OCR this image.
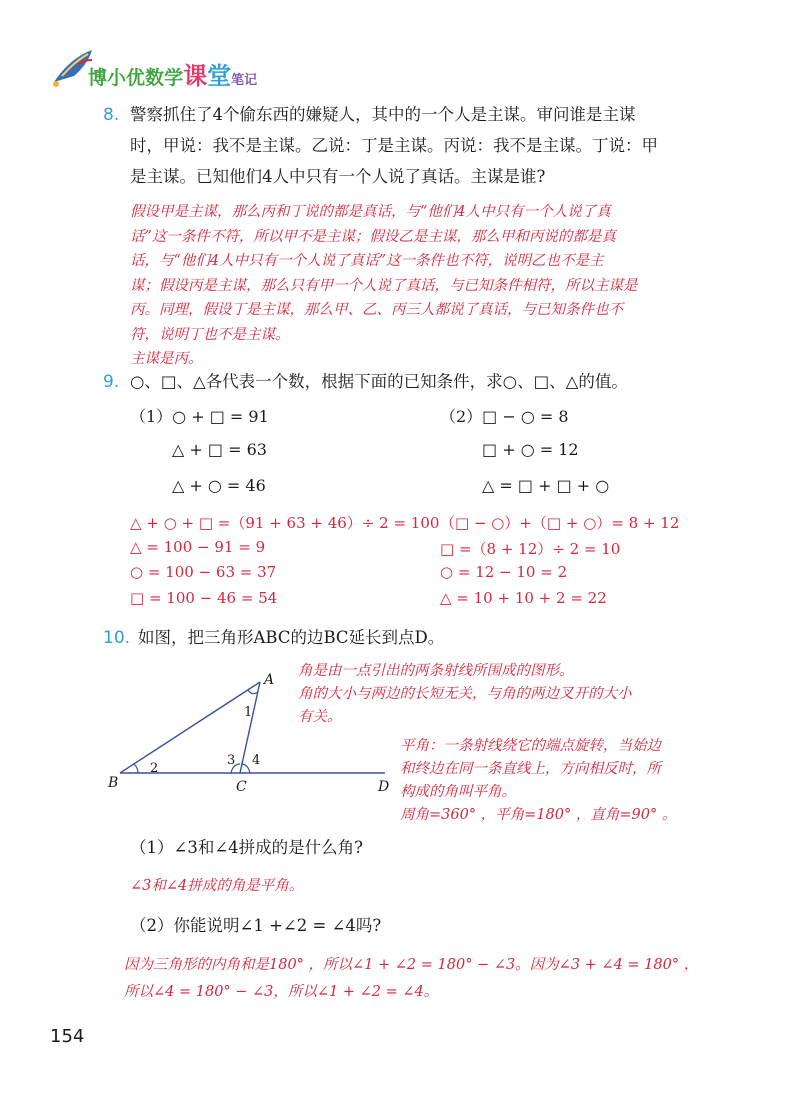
博小优数学课堂笔记
8. 警察抓住了4个偷东西的嫌疑人，其中的一个人是主谋。审问谁是主谋
时，甲说：我不是主谋。乙说：丁是主谋。丙说：我不是主谋。丁说：甲
是主谋。已知他们4人中只有一个人说了真话。主谋是谁?
假设甲是主谋，那么丙和丁说的都是真话，与“他们4人中只有一个人说了真
话”这一条件不符，所以甲不是主谋；假设乙是主谋，那么甲和丙说的都是真
话，与“他们4人中只有一个人说了真话”这一条件也不符，说明乙也不是主
谋；假设丙是主谋，那么只有甲一个人说了真话，与已知条件相符，所以主谋是
丙。同理，假设丁是主谋，那么甲、乙、丙三人都说了真话，与已知条件也不
符，说明丁也不是主谋。
主谋是丙。
9. ○、□、△各代表一个数，根据下面的已知条件，求○、□、△的值。
（1）○ + □ = 91
△ + □ = 63
△ + ○ = 46
（2）□ − ○ = 8
□ + ○ = 12
△ = □ + □ + ○
△ + ○ + □ =（91 + 63 + 46）÷ 2 = 100
△ = 100 − 91 = 9
○ = 100 − 63 = 37
□ = 100 − 46 = 54
（□ − ○）+（□ + ○）= 8 + 12
□ =（8 + 12）÷ 2 = 10
○ = 12 − 10 = 2
△ = 10 + 10 + 2 = 22
10. 如图，把三角形ABC的边BC延长到点D。
A
B	C	D
1
2
3 4
角是由一点引出的两条射线所围成的图形。
角的大小与两边的长短无关，与角的两边叉开的大小
有关。
平角：一条射线绕它的端点旋转，当始边
和终边在同一条直线上，方向相反时，所
构成的角叫平角。
周角=360° ，平角=180° ，直角=90° 。
（1）∠3和∠4拼成的是什么角?
∠3和∠4拼成的角是平角。
（2）你能说明∠1 +∠2 = ∠4吗?
因为三角形的内角和是180° ，所以∠1 + ∠2 = 180° − ∠3。因为∠3 + ∠4 = 180° ，
所以∠4 = 180° − ∠3，所以∠1 + ∠2 = ∠4。
154
